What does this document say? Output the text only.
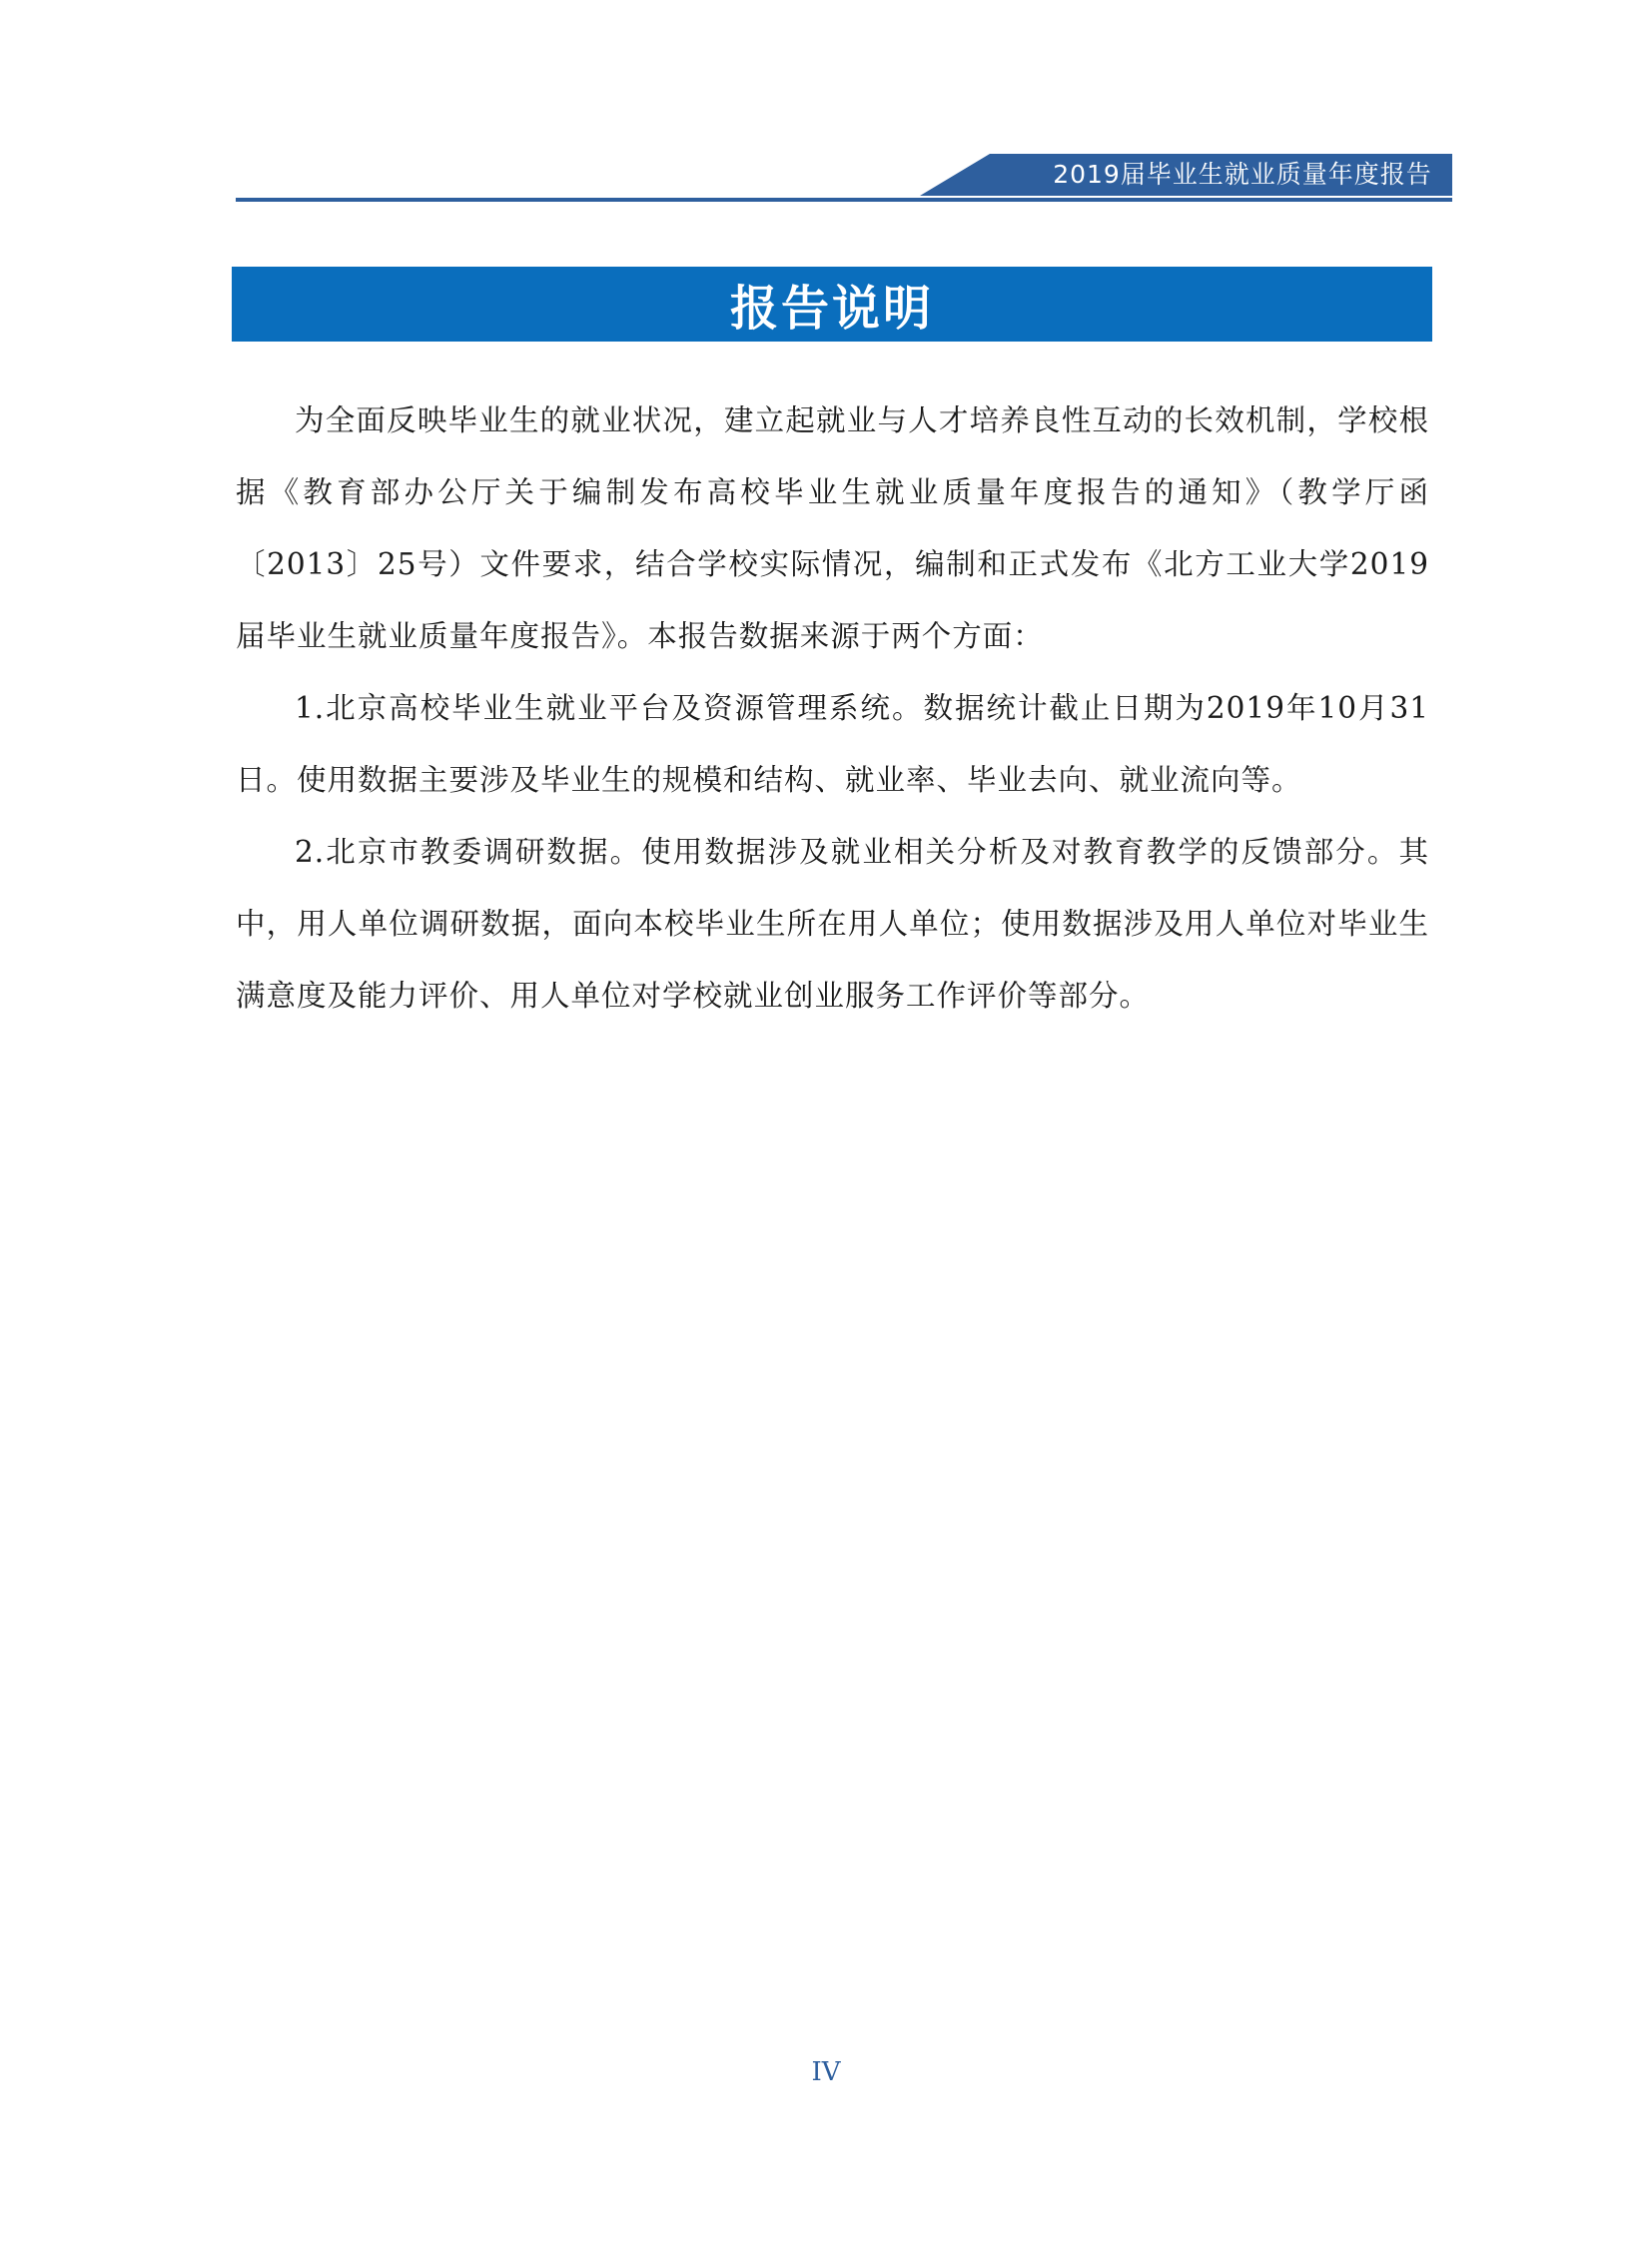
2019届毕业生就业质量年度报告
报告说明

为全面反映毕业生的就业状况，建立起就业与人才培养良性互动的长效机制，学校根据《教育部办公厅关于编制发布高校毕业生就业质量年度报告的通知》（教学厅函〔2013〕25号）文件要求，结合学校实际情况，编制和正式发布《北方工业大学2019届毕业生就业质量年度报告》。本报告数据来源于两个方面：

1.北京高校毕业生就业平台及资源管理系统。数据统计截止日期为2019年10月31日。使用数据主要涉及毕业生的规模和结构、就业率、毕业去向、就业流向等。

2.北京市教委调研数据。使用数据涉及就业相关分析及对教育教学的反馈部分。其中，用人单位调研数据，面向本校毕业生所在用人单位；使用数据涉及用人单位对毕业生满意度及能力评价、用人单位对学校就业创业服务工作评价等部分。

IV
